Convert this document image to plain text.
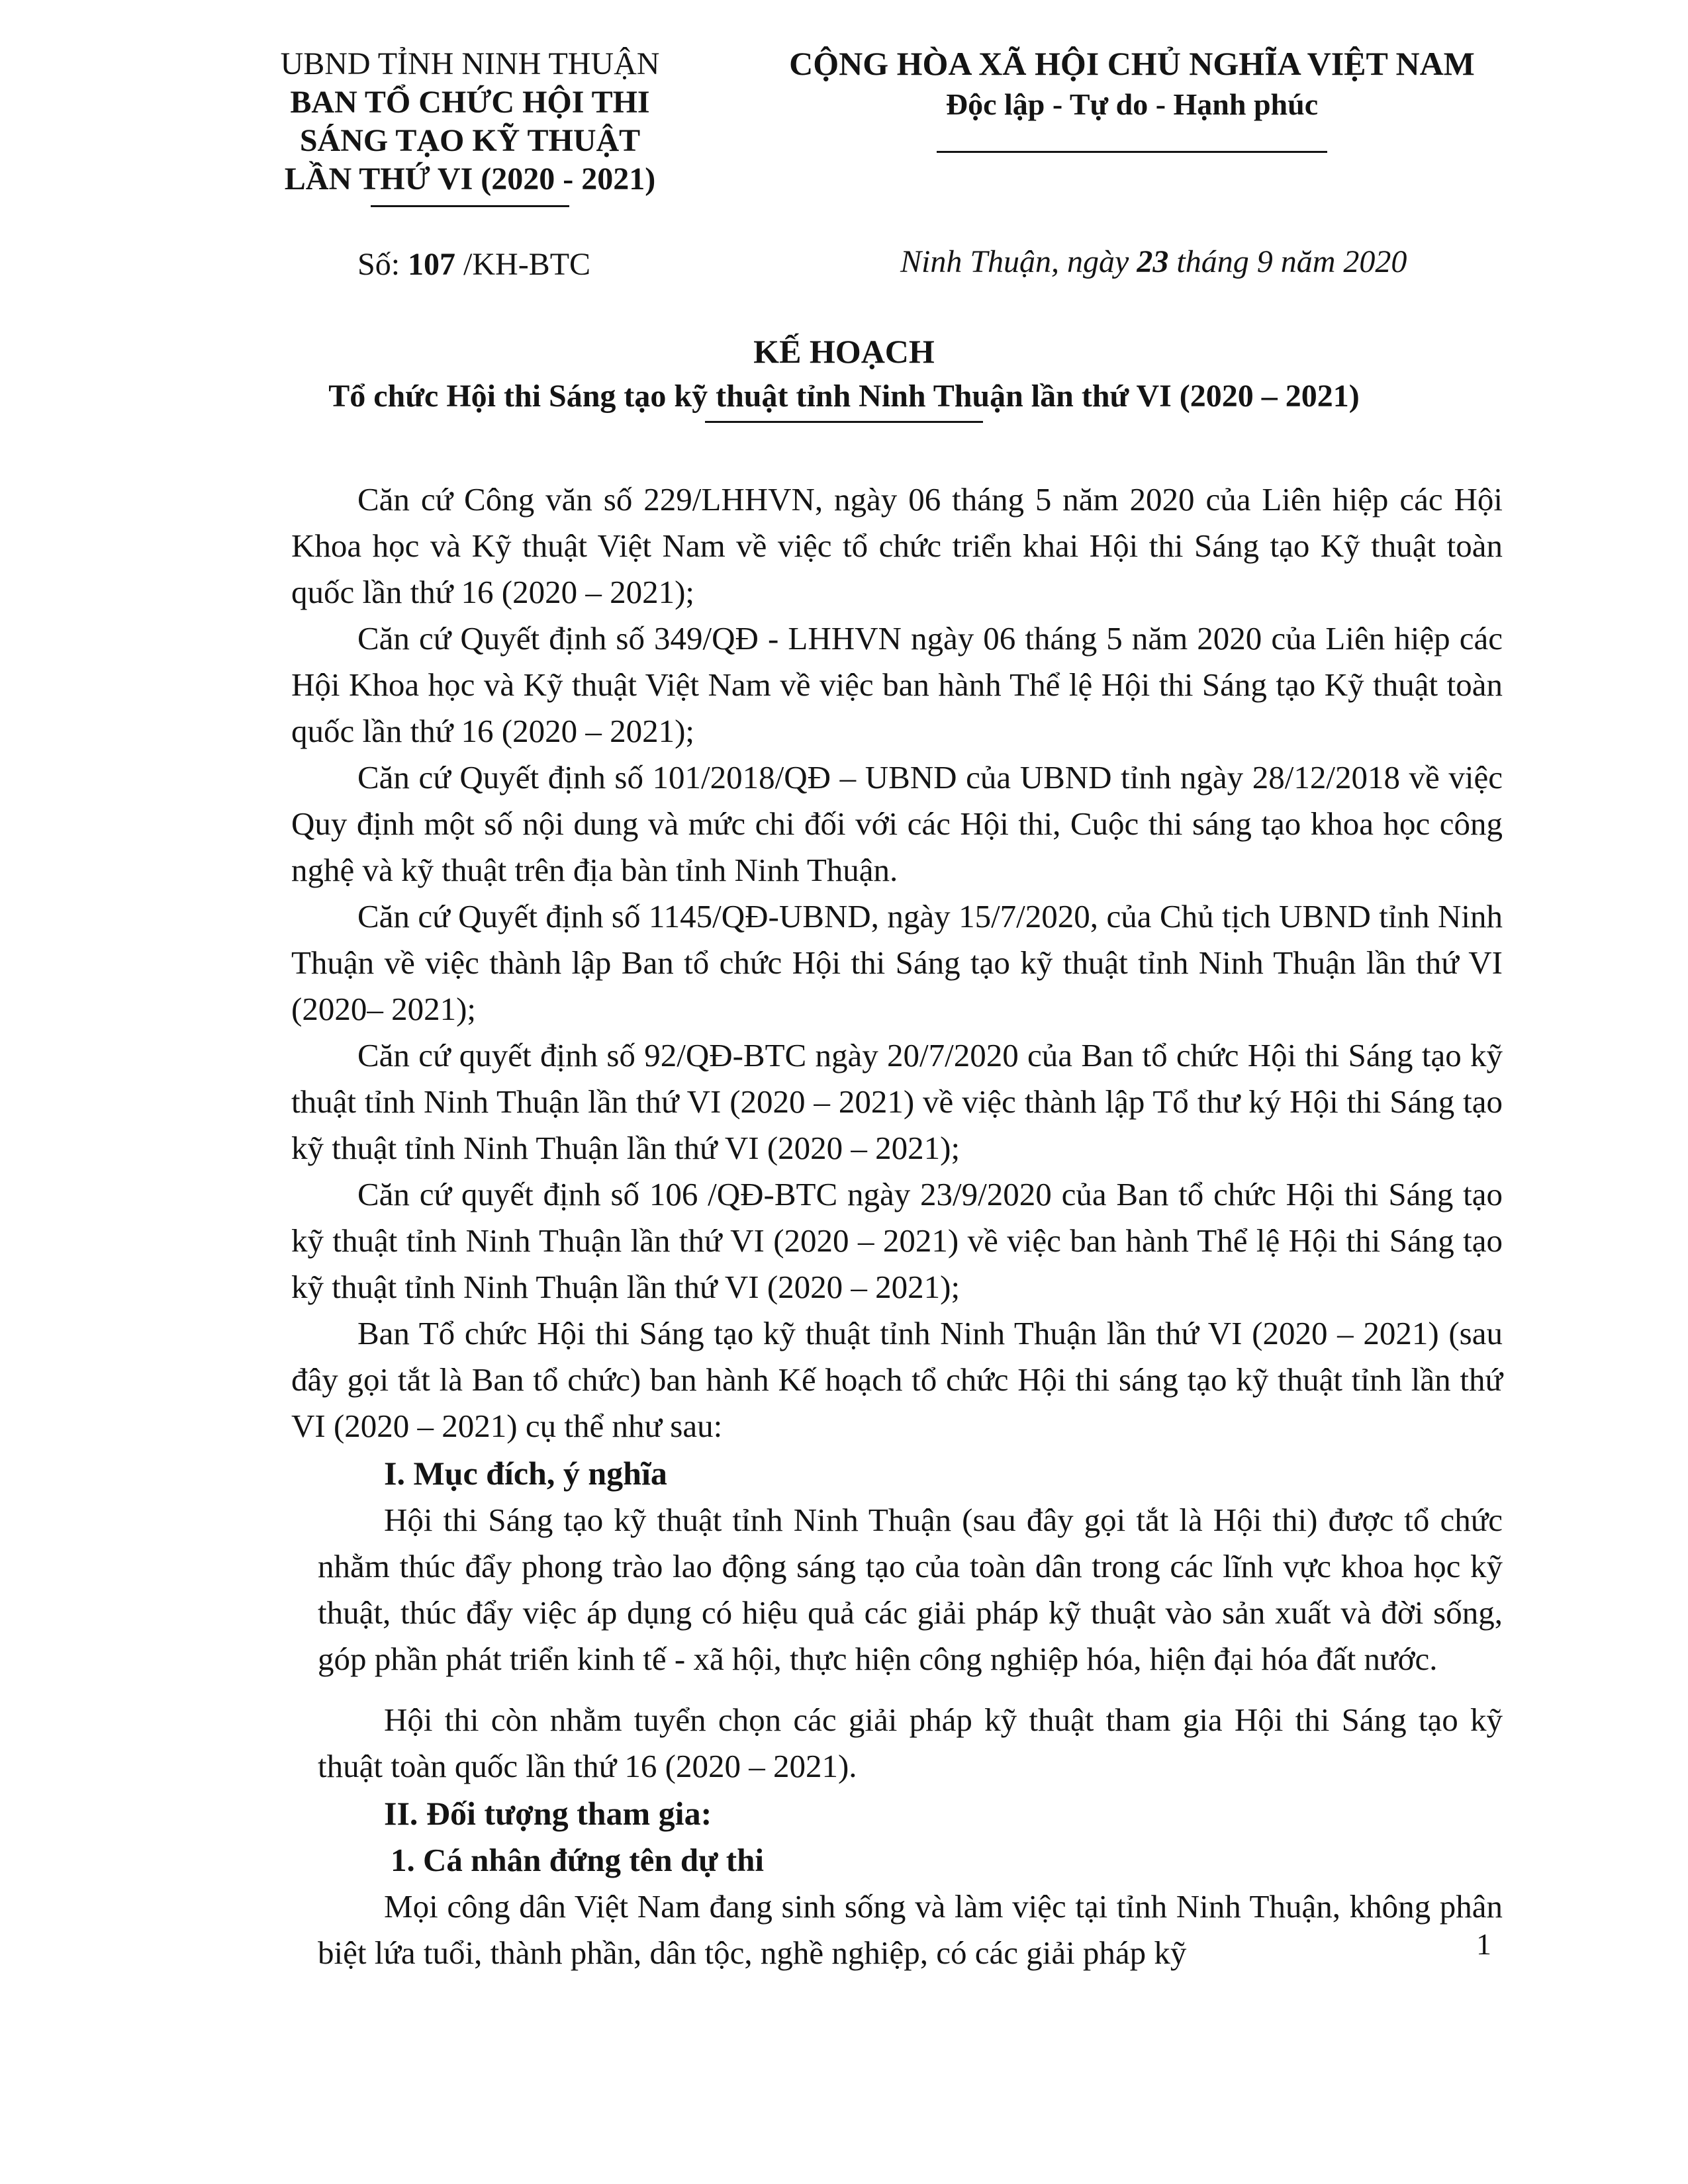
UBND TỈNH NINH THUẬN
BAN TỔ CHỨC HỘI THI
SÁNG TẠO KỸ THUẬT
LẦN THỨ VI (2020 - 2021)
CỘNG HÒA XÃ HỘI CHỦ NGHĨA VIỆT NAM
Độc lập - Tự do - Hạnh phúc
Số: 107 /KH-BTC	Ninh Thuận, ngày 23 tháng 9 năm 2020
KẾ HOẠCH
Tổ chức Hội thi Sáng tạo kỹ thuật tỉnh Ninh Thuận lần thứ VI (2020 – 2021)

Căn cứ Công văn số 229/LHHVN, ngày 06 tháng 5 năm 2020 của Liên hiệp các Hội Khoa học và Kỹ thuật Việt Nam về việc tổ chức triển khai Hội thi Sáng tạo Kỹ thuật toàn quốc lần thứ 16 (2020 – 2021);

Căn cứ Quyết định số 349/QĐ - LHHVN ngày 06 tháng 5 năm 2020 của Liên hiệp các Hội Khoa học và Kỹ thuật Việt Nam về việc ban hành Thể lệ Hội thi Sáng tạo Kỹ thuật toàn quốc lần thứ 16 (2020 – 2021);

Căn cứ Quyết định số 101/2018/QĐ – UBND của UBND tỉnh ngày 28/12/2018 về việc Quy định một số nội dung và mức chi đối với các Hội thi, Cuộc thi sáng tạo khoa học công nghệ và kỹ thuật trên địa bàn tỉnh Ninh Thuận.

Căn cứ Quyết định số 1145/QĐ-UBND, ngày 15/7/2020, của Chủ tịch UBND tỉnh Ninh Thuận về việc thành lập Ban tổ chức Hội thi Sáng tạo kỹ thuật tỉnh Ninh Thuận lần thứ VI (2020– 2021);

Căn cứ quyết định số 92/QĐ-BTC ngày 20/7/2020 của Ban tổ chức Hội thi Sáng tạo kỹ thuật tỉnh Ninh Thuận lần thứ VI (2020 – 2021) về việc thành lập Tổ thư ký Hội thi Sáng tạo kỹ thuật tỉnh Ninh Thuận lần thứ VI (2020 – 2021);

Căn cứ quyết định số 106 /QĐ-BTC ngày 23/9/2020 của Ban tổ chức Hội thi Sáng tạo kỹ thuật tỉnh Ninh Thuận lần thứ VI (2020 – 2021) về việc ban hành Thể lệ Hội thi Sáng tạo kỹ thuật tỉnh Ninh Thuận lần thứ VI (2020 – 2021);

Ban Tổ chức Hội thi Sáng tạo kỹ thuật tỉnh Ninh Thuận lần thứ VI (2020 – 2021) (sau đây gọi tắt là Ban tổ chức) ban hành Kế hoạch tổ chức Hội thi sáng tạo kỹ thuật tỉnh lần thứ VI (2020 – 2021) cụ thể như sau:

I. Mục đích, ý nghĩa

Hội thi Sáng tạo kỹ thuật tỉnh Ninh Thuận (sau đây gọi tắt là Hội thi) được tổ chức nhằm thúc đẩy phong trào lao động sáng tạo của toàn dân trong các lĩnh vực khoa học kỹ thuật, thúc đẩy việc áp dụng có hiệu quả các giải pháp kỹ thuật vào sản xuất và đời sống, góp phần phát triển kinh tế - xã hội, thực hiện công nghiệp hóa, hiện đại hóa đất nước.

Hội thi còn nhằm tuyển chọn các giải pháp kỹ thuật tham gia Hội thi Sáng tạo kỹ thuật toàn quốc lần thứ 16 (2020 – 2021).

II. Đối tượng tham gia:

1. Cá nhân đứng tên dự thi

Mọi công dân Việt Nam đang sinh sống và làm việc tại tỉnh Ninh Thuận, không phân biệt lứa tuổi, thành phần, dân tộc, nghề nghiệp, có các giải pháp kỹ	1
